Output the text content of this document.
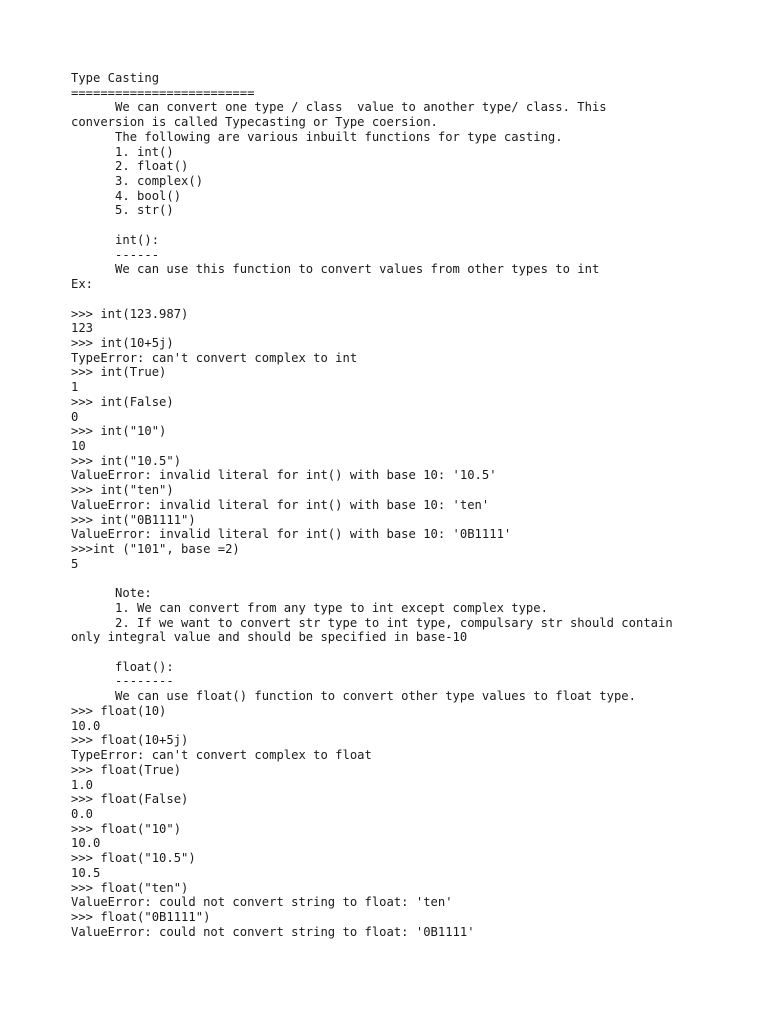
Type Casting
=========================
We can convert one type / class  value to another type/ class. This
conversion is called Typecasting or Type coersion.
The following are various inbuilt functions for type casting.
1. int()
2. float()
3. complex()
4. bool()
5. str()
int():
------
We can use this function to convert values from other types to int
Ex:
>>> int(123.987)
123
>>> int(10+5j)
TypeError: can't convert complex to int
>>> int(True)
1
>>> int(False)
0
>>> int("10")
10
>>> int("10.5")
ValueError: invalid literal for int() with base 10: '10.5'
>>> int("ten")
ValueError: invalid literal for int() with base 10: 'ten'
>>> int("0B1111")
ValueError: invalid literal for int() with base 10: '0B1111'
>>>int ("101", base =2)
5
Note:
1. We can convert from any type to int except complex type.
2. If we want to convert str type to int type, compulsary str should contain
only integral value and should be specified in base-10
float():
--------
We can use float() function to convert other type values to float type.
>>> float(10)
10.0
>>> float(10+5j)
TypeError: can't convert complex to float
>>> float(True)
1.0
>>> float(False)
0.0
>>> float("10")
10.0
>>> float("10.5")
10.5
>>> float("ten")
ValueError: could not convert string to float: 'ten'
>>> float("0B1111")
ValueError: could not convert string to float: '0B1111'
